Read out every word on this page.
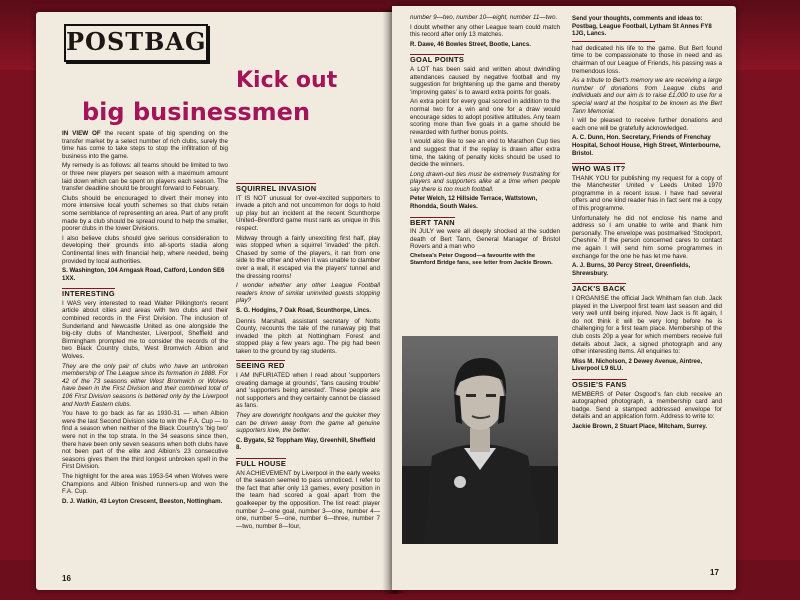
POSTBAG
Kick out
big businessmen

IN VIEW OF the recent spate of big spending on the transfer market by a select number of rich clubs, surely the time has come to take steps to stop the infiltration of big business into the game.

My remedy is as follows: all teams should be limited to two or three new players per season with a maximum amount laid down which can be spent on players each season. The transfer deadline should be brought forward to February.

Clubs should be encouraged to divert their money into more intensive local youth schemes so that clubs retain some semblance of representing an area. Part of any profit made by a club should be spread round to help the smaller, poorer clubs in the lower Divisions.

I also believe clubs should give serious consideration to developing their grounds into all-sports stadia along Continental lines with financial help, where needed, being provided by local authorities.

S. Washington, 104 Arngask Road, Catford, London SE6 1XX.
INTERESTING

I WAS very interested to read Walter Pilkington's recent article about cities and areas with two clubs and their combined records in the First Division. The inclusion of Sunderland and Newcastle United as one alongside the big-city clubs of Manchester, Liverpool, Sheffield and Birmingham prompted me to consider the records of the two Black Country clubs, West Bromwich Albion and Wolves.

They are the only pair of clubs who have an unbroken membership of The League since its formation in 1888. For 42 of the 73 seasons either West Bromwich or Wolves have been in the First Division and their combined total of 106 First Division seasons is bettered only by the Liverpool and North Eastern clubs.

You have to go back as far as 1930-31 — when Albion were the last Second Division side to win the F.A. Cup — to find a season when neither of the Black Country's 'big two' were not in the top strata. In the 34 seasons since then, there have been only seven seasons when both clubs have not been part of the elite and Albion's 23 consecutive seasons gives them the third longest unbroken spell in the First Division.

The highlight for the area was 1953-54 when Wolves were Champions and Albion finished runners-up and won the F.A. Cup.

D. J. Watkin, 43 Leyton Crescent, Beeston, Nottingham.
SQUIRREL INVASION

IT IS NOT unusual for over-excited supporters to invade a pitch and not uncommon for dogs to hold up play but an incident at the recent Scunthorpe United–Brentford game must rank as unique in this respect.

Midway through a fairly unexciting first half, play was stopped when a squirrel 'invaded' the pitch. Chased by some of the players, it ran from one side to the other and when it was unable to clamber over a wall, it escaped via the players' tunnel and the dressing rooms!

I wonder whether any other League Football readers know of similar uninvited guests stopping play?

S. G. Hodgins, 7 Oak Road, Scunthorpe, Lincs.

Dennis Marshall, assistant secretary of Notts County, recounts the tale of the runaway pig that invaded the pitch at Nottingham Forest and stopped play a few years ago. The pig had been taken to the ground by rag students.

SEEING RED

I AM INFURIATED when I read about 'supporters creating damage at grounds', 'fans causing trouble' and 'supporters being arrested'. These people are not supporters and they certainly cannot be classed as fans.

They are downright hooligans and the quicker they can be driven away from the game all genuine supporters love, the better.

C. Bygate, 52 Toppham Way, Greenhill, Sheffield 8.
FULL HOUSE

AN ACHIEVEMENT by Liverpool in the early weeks of the season seemed to pass unnoticed. I refer to the fact that after only 13 games, every position in the team had scored a goal apart from the goalkeeper by the opposition. The list read: player number 2—one goal, number 3—one, number 4—one, number 5—one, number 6—three, number 7—two, number 8—four,

16

number 9—two, number 10—eight, number 11—two.

I doubt whether any other League team could match this record after only 13 matches.

R. Dawe, 46 Bowles Street, Bootle, Lancs.
GOAL POINTS

A LOT has been said and written about dwindling attendances caused by negative football and my suggestion for brightening up the game and thereby 'improving gates' is to award extra points for goals.

An extra point for every goal scored in addition to the normal two for a win and one for a draw would encourage sides to adopt positive attitudes. Any team scoring more than five goals in a game should be rewarded with further bonus points.

I would also like to see an end to Marathon Cup ties and suggest that if the replay is drawn after extra time, the taking of penalty kicks should be used to decide the winners.

Long drawn-out ties must be extremely frustrating for players and supporters alike at a time when people say there is too much football.

Peter Welch, 12 Hillside Terrace, Wattstown, Rhondda, South Wales.
BERT TANN

IN JULY we were all deeply shocked at the sudden death of Bert Tann, General Manager of Bristol Rovers and a man who

Chelsea's Peter Osgood—a favourite with the Stamford Bridge fans, see letter from Jackie Brown.

Send your thoughts, comments and ideas to: Postbag, League Football, Lytham St Annes FY8 1JG, Lancs.

had dedicated his life to the game. But Bert found time to be compassionate to those in need and as chairman of our League of Friends, his passing was a tremendous loss.

As a tribute to Bert's memory we are receiving a large number of donations from League clubs and individuals and our aim is to raise £1,000 to use for a special ward at the hospital to be known as the Bert Tann Memorial.

I will be pleased to receive further donations and each one will be gratefully acknowledged.

A. C. Dunn, Hon. Secretary, Friends of Frenchay Hospital, School House, High Street, Winterbourne, Bristol.
WHO WAS IT?

THANK YOU for publishing my request for a copy of the Manchester United v Leeds United 1970 programme in a recent issue. I have had several offers and one kind reader has in fact sent me a copy of this programme.

Unfortunately he did not enclose his name and address so I am unable to write and thank him personally. The envelope was postmarked 'Stockport, Cheshire.' If the person concerned cares to contact me again I will send him some programmes in exchange for the one he has let me have.

A. J. Burns, 30 Percy Street, Greenfields, Shrewsbury.
JACK'S BACK

I ORGANISE the official Jack Whitham fan club. Jack played in the Liverpool first team last season and did very well until being injured. Now Jack is fit again, I do not think it will be very long before he is challenging for a first team place. Membership of the club costs 20p a year for which members receive full details about Jack, a signed photograph and any other interesting items. All enquiries to:

Miss M. Nicholson, 2 Dewey Avenue, Aintree, Liverpool L9 6LU.
OSSIE'S FANS

MEMBERS of Peter Osgood's fan club receive an autographed photograph, a membership card and badge. Send a stamped addressed envelope for details and an application form. Address to write to:

Jackie Brown, 2 Stuart Place, Mitcham, Surrey.
17
